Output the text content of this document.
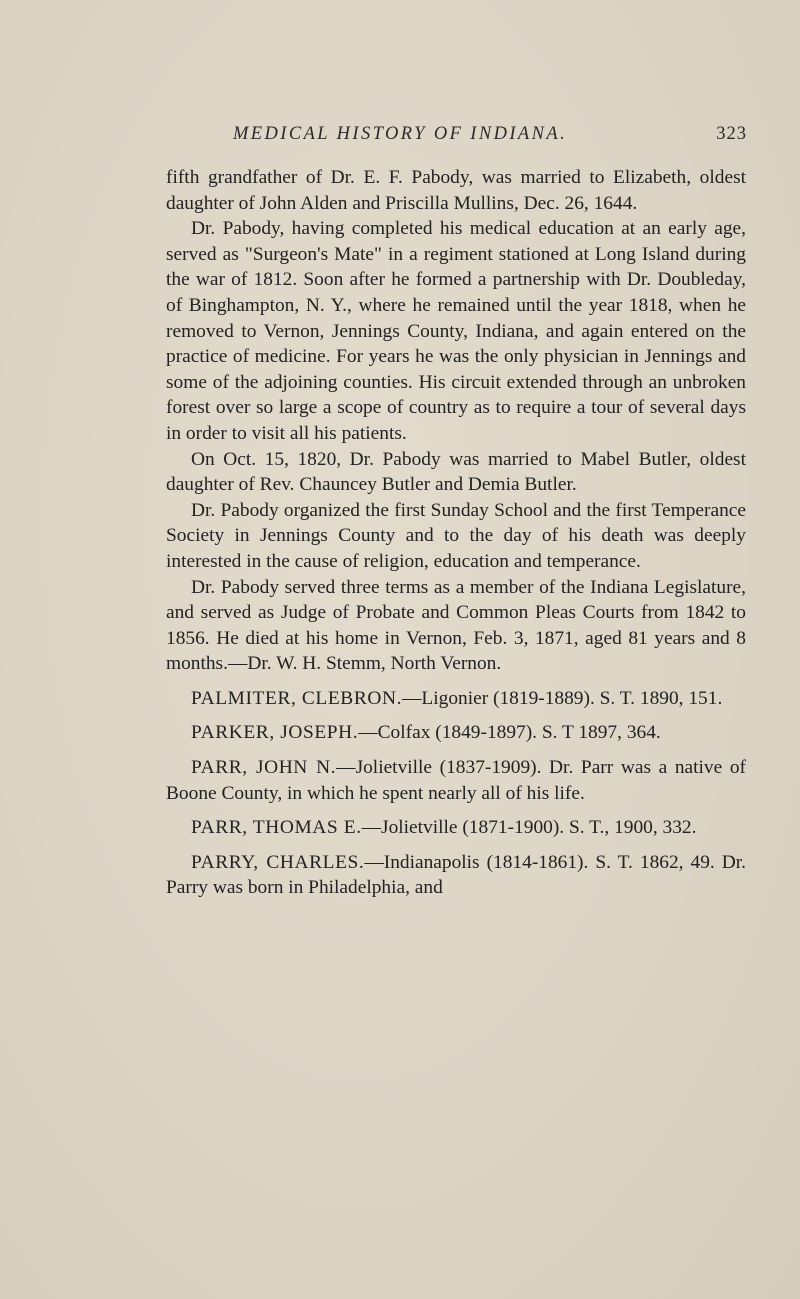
MEDICAL HISTORY OF INDIANA.	323

fifth grandfather of Dr. E. F. Pabody, was married to Elizabeth, oldest daughter of John Alden and Priscilla Mullins, Dec. 26, 1644.

Dr. Pabody, having completed his medical education at an early age, served as "Surgeon's Mate" in a regiment stationed at Long Island during the war of 1812. Soon after he formed a partnership with Dr. Doubleday, of Binghampton, N. Y., where he remained until the year 1818, when he removed to Vernon, Jennings County, Indiana, and again entered on the practice of medicine. For years he was the only physician in Jennings and some of the adjoining counties. His circuit extended through an unbroken forest over so large a scope of country as to require a tour of several days in order to visit all his patients.

On Oct. 15, 1820, Dr. Pabody was married to Mabel Butler, oldest daughter of Rev. Chauncey Butler and Demia Butler.

Dr. Pabody organized the first Sunday School and the first Temperance Society in Jennings County and to the day of his death was deeply interested in the cause of religion, education and temperance.

Dr. Pabody served three terms as a member of the Indiana Legislature, and served as Judge of Probate and Common Pleas Courts from 1842 to 1856. He died at his home in Vernon, Feb. 3, 1871, aged 81 years and 8 months.—Dr. W. H. Stemm, North Vernon.

PALMITER, CLEBRON.—Ligonier (1819-1889). S. T. 1890, 151.

PARKER, JOSEPH.—Colfax (1849-1897). S. T 1897, 364.

PARR, JOHN N.—Jolietville (1837-1909). Dr. Parr was a native of Boone County, in which he spent nearly all of his life.

PARR, THOMAS E.—Jolietville (1871-1900). S. T., 1900, 332.

PARRY, CHARLES.—Indianapolis (1814-1861). S. T. 1862, 49. Dr. Parry was born in Philadelphia, and
